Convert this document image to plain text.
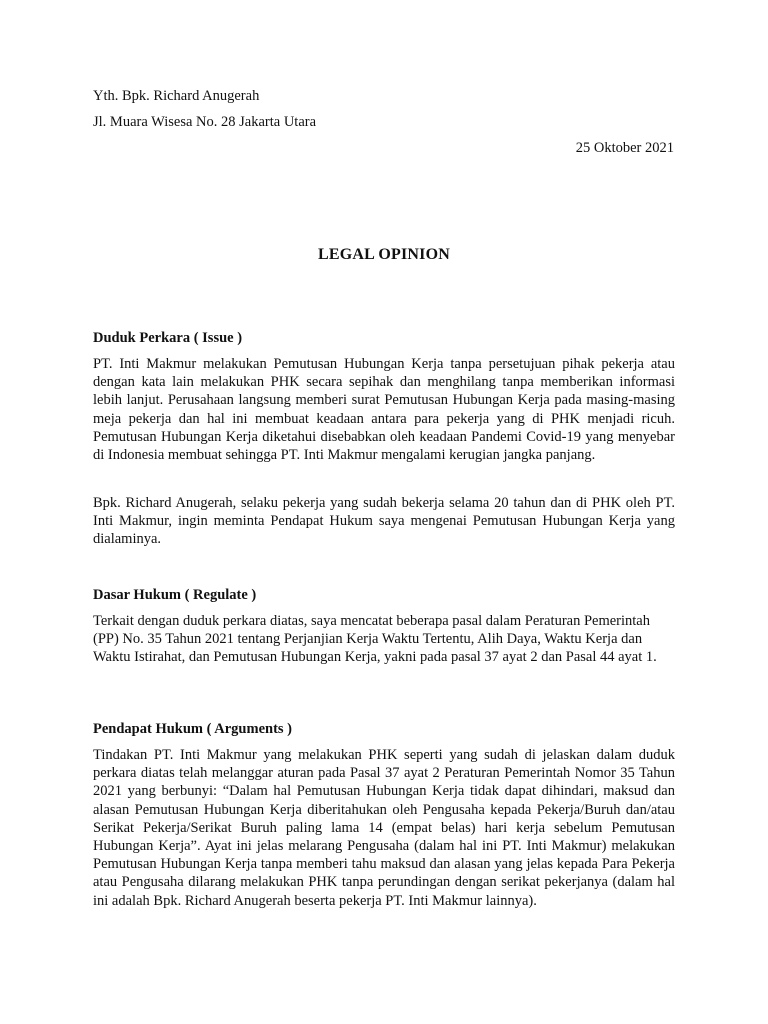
Yth. Bpk. Richard Anugerah
Jl. Muara Wisesa No. 28 Jakarta Utara
25 Oktober 2021
LEGAL OPINION
Duduk Perkara ( Issue )

PT. Inti Makmur melakukan Pemutusan Hubungan Kerja tanpa persetujuan pihak pekerja atau dengan kata lain melakukan PHK secara sepihak dan menghilang tanpa memberikan informasi lebih lanjut. Perusahaan langsung memberi surat Pemutusan Hubungan Kerja pada masing-masing meja pekerja dan hal ini membuat keadaan antara para pekerja yang di PHK menjadi ricuh. Pemutusan Hubungan Kerja diketahui disebabkan oleh keadaan Pandemi Covid-19 yang menyebar di Indonesia membuat sehingga PT. Inti Makmur mengalami kerugian jangka panjang.

Bpk. Richard Anugerah, selaku pekerja yang sudah bekerja selama 20 tahun dan di PHK oleh PT. Inti Makmur, ingin meminta Pendapat Hukum saya mengenai Pemutusan Hubungan Kerja yang dialaminya.

Dasar Hukum ( Regulate )

Terkait dengan duduk perkara diatas, saya mencatat beberapa pasal dalam Peraturan Pemerintah (PP) No. 35 Tahun 2021 tentang Perjanjian Kerja Waktu Tertentu, Alih Daya, Waktu Kerja dan Waktu Istirahat, dan Pemutusan Hubungan Kerja, yakni pada pasal 37 ayat 2 dan Pasal 44 ayat 1.

Pendapat Hukum ( Arguments )

Tindakan PT. Inti Makmur yang melakukan PHK seperti yang sudah di jelaskan dalam duduk perkara diatas telah melanggar aturan pada Pasal 37 ayat 2 Peraturan Pemerintah Nomor 35 Tahun 2021 yang berbunyi: “Dalam hal Pemutusan Hubungan Kerja tidak dapat dihindari, maksud dan alasan Pemutusan Hubungan Kerja diberitahukan oleh Pengusaha kepada Pekerja/Buruh dan/atau Serikat Pekerja/Serikat Buruh paling lama 14 (empat belas) hari kerja sebelum Pemutusan Hubungan Kerja”. Ayat ini jelas melarang Pengusaha (dalam hal ini PT. Inti Makmur) melakukan Pemutusan Hubungan Kerja tanpa memberi tahu maksud dan alasan yang jelas kepada Para Pekerja atau Pengusaha dilarang melakukan PHK tanpa perundingan dengan serikat pekerjanya (dalam hal ini adalah Bpk. Richard Anugerah beserta pekerja PT. Inti Makmur lainnya).
